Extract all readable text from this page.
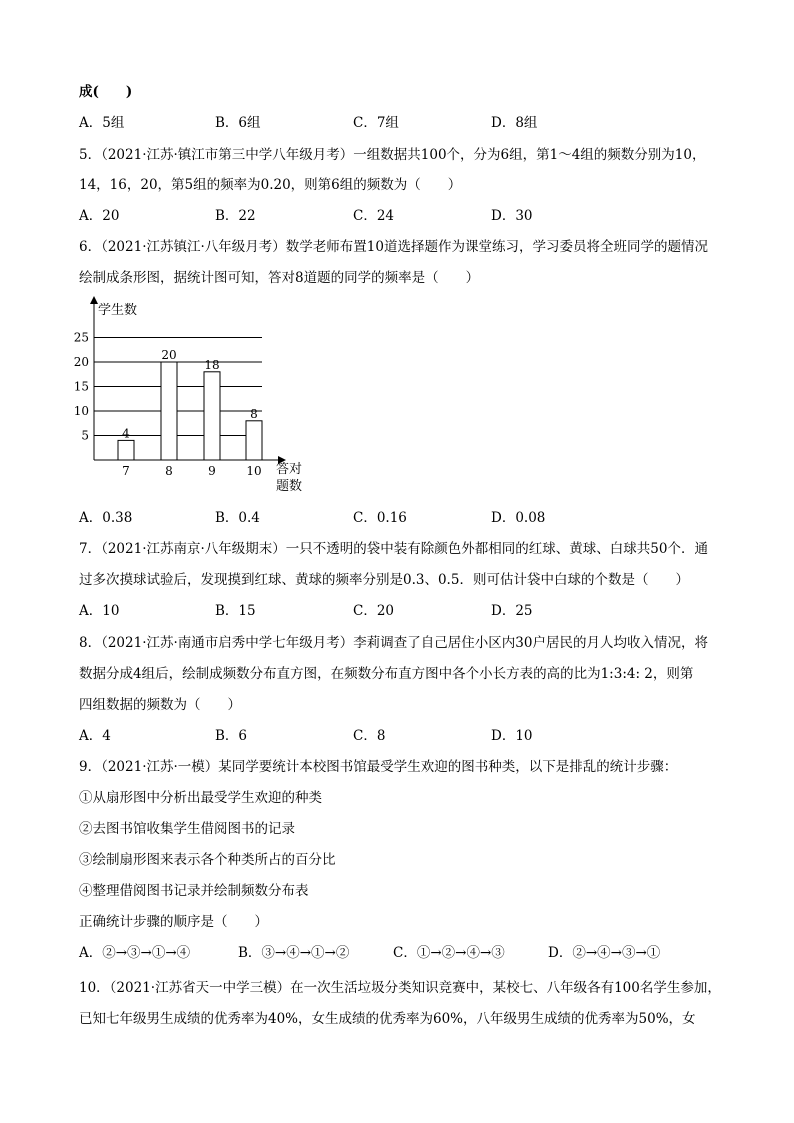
成(　　)
A．5组	B．6组	C．7组	D．8组
5．（2021·江苏·镇江市第三中学八年级月考）一组数据共100个，分为6组，第1～4组的频数分别为10，
14，16，20，第5组的频率为0.20，则第6组的频数为（　　）
A．20	B．22	C．24	D．30
6．（2021·江苏镇江·八年级月考）数学老师布置10道选择题作为课堂练习，学习委员将全班同学的题情况
绘制成条形图，据统计图可知，答对8道题的同学的频率是（　　）
学生数
5
10
15
20
25
4
20
18
8
7	8	9	10 答对
题数
A．0.38	B．0.4	C．0.16	D．0.08
7．（2021·江苏南京·八年级期末）一只不透明的袋中装有除颜色外都相同的红球、黄球、白球共50个．通
过多次摸球试验后，发现摸到红球、黄球的频率分别是0.3、0.5．则可估计袋中白球的个数是（　　）
A．10	B．15	C．20	D．25
8．（2021·江苏·南通市启秀中学七年级月考）李莉调查了自己居住小区内30户居民的月人均收入情况，将
数据分成4组后，绘制成频数分布直方图，在频数分布直方图中各个小长方表的高的比为1:3:4: 2，则第
四组数据的频数为（　　）
A．4	B．6	C．8	D．10
9．（2021·江苏·一模）某同学要统计本校图书馆最受学生欢迎的图书种类，以下是排乱的统计步骤：
①从扇形图中分析出最受学生欢迎的种类
②去图书馆收集学生借阅图书的记录
③绘制扇形图来表示各个种类所占的百分比
④整理借阅图书记录并绘制频数分布表
正确统计步骤的顺序是（　　）
A．②→③→①→④	B．③→④→①→②	C．①→②→④→③	D．②→④→③→①
10．（2021·江苏省天一中学三模）在一次生活垃圾分类知识竞赛中，某校七、八年级各有100名学生参加，
已知七年级男生成绩的优秀率为40%，女生成绩的优秀率为60%，八年级男生成绩的优秀率为50%，女
